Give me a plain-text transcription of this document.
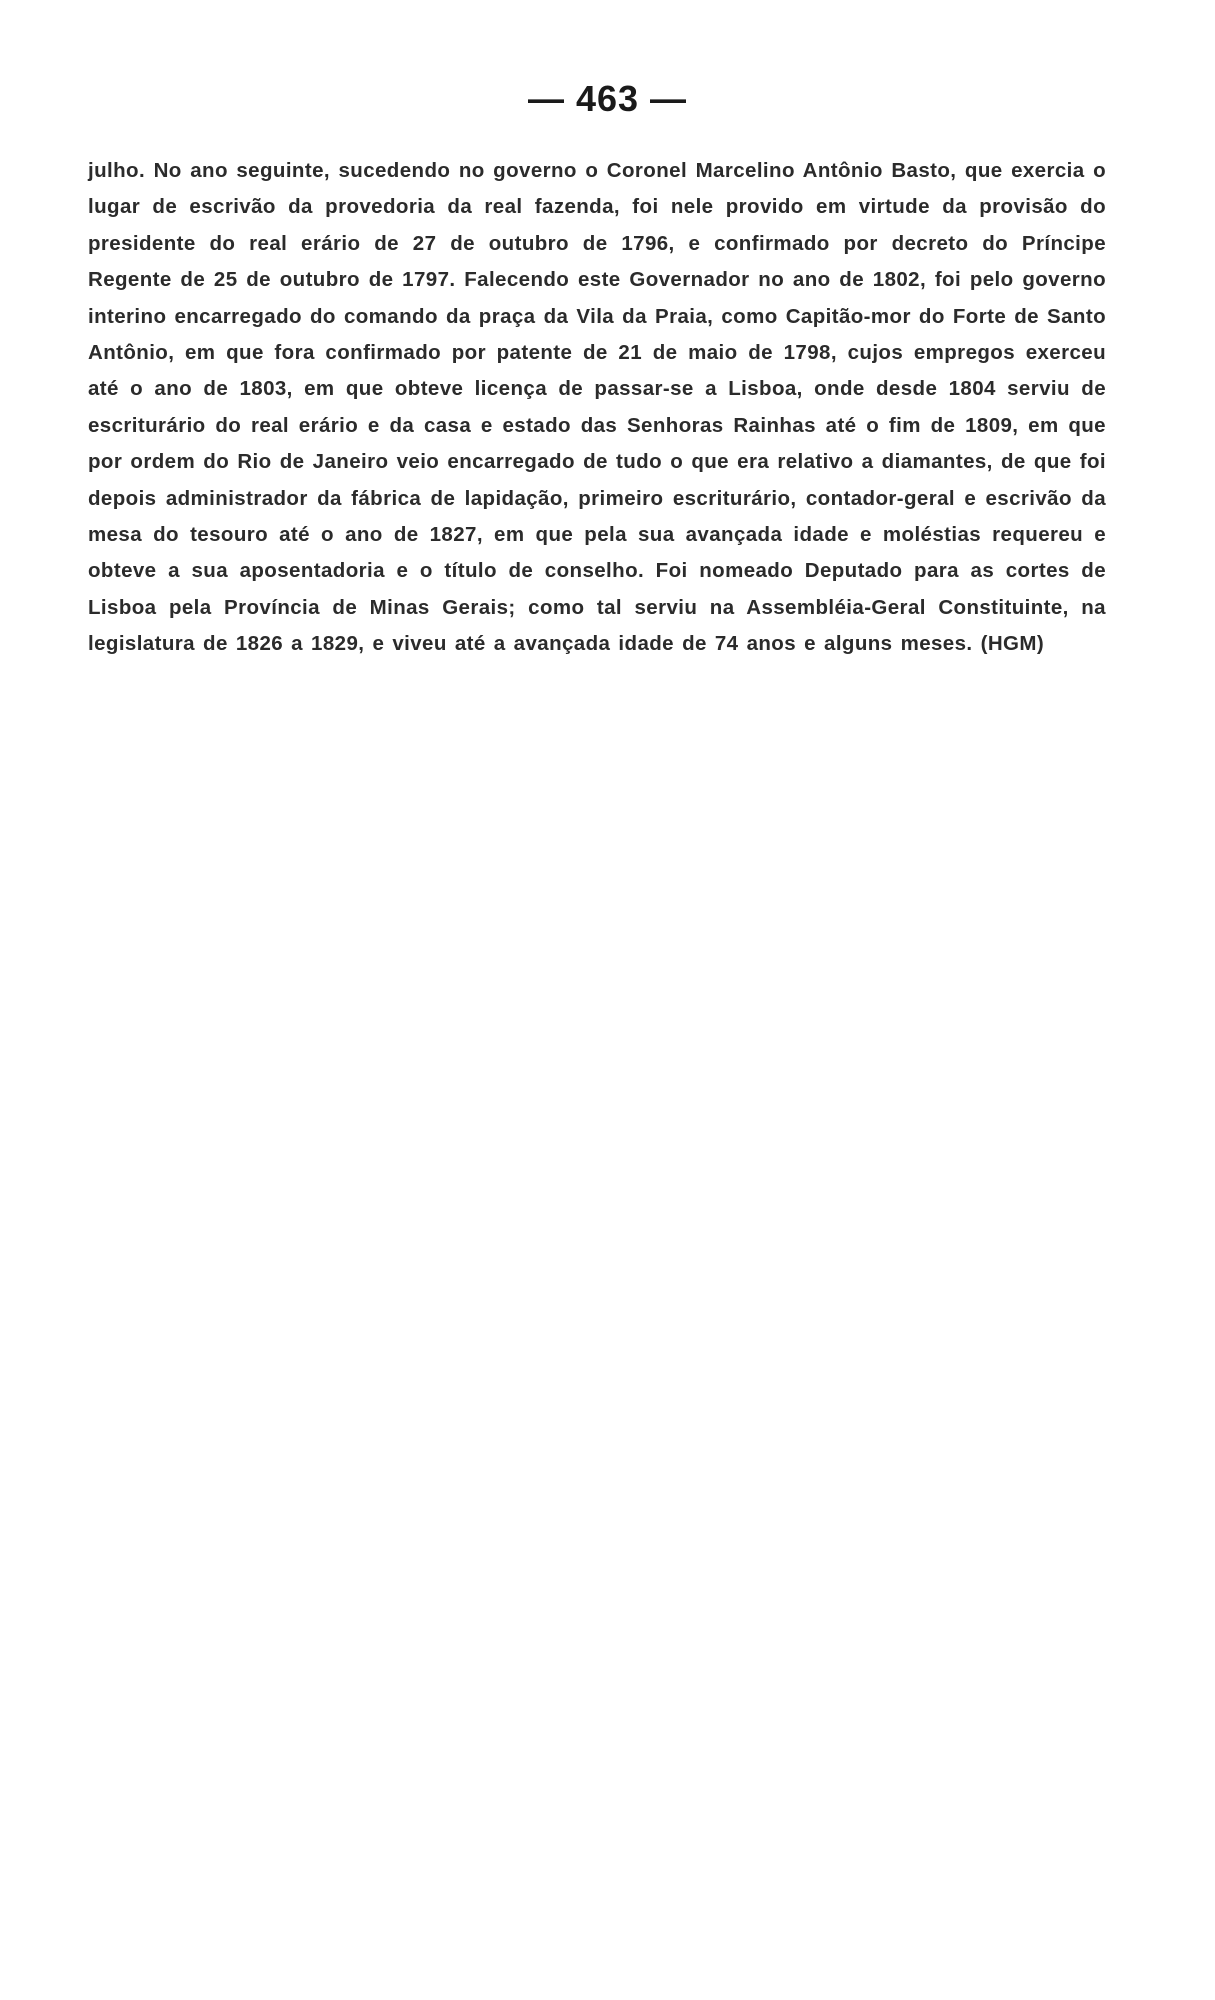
— 463 —

julho. No ano seguinte, sucedendo no governo o Coronel Marcelino Antônio Basto, que exercia o lugar de escrivão da provedoria da real fazenda, foi nele provido em virtude da provisão do presidente do real erário de 27 de outubro de 1796, e confirmado por decreto do Príncipe Regente de 25 de outubro de 1797. Falecendo este Governador no ano de 1802, foi pelo governo interino encarregado do comando da praça da Vila da Praia, como Capitão-mor do Forte de Santo Antônio, em que fora confirmado por patente de 21 de maio de 1798, cujos empregos exerceu até o ano de 1803, em que obteve licença de passar-se a Lisboa, onde desde 1804 serviu de escriturário do real erário e da casa e estado das Senhoras Rainhas até o fim de 1809, em que por ordem do Rio de Janeiro veio encarregado de tudo o que era relativo a diamantes, de que foi depois administrador da fábrica de lapidação, primeiro escriturário, contador-geral e escrivão da mesa do tesouro até o ano de 1827, em que pela sua avançada idade e moléstias requereu e obteve a sua aposentadoria e o título de conselho. Foi nomeado Deputado para as cortes de Lisboa pela Província de Minas Gerais; como tal serviu na Assembléia-Geral Constituinte, na legislatura de 1826 a 1829, e viveu até a avançada idade de 74 anos e alguns meses. (HGM)
